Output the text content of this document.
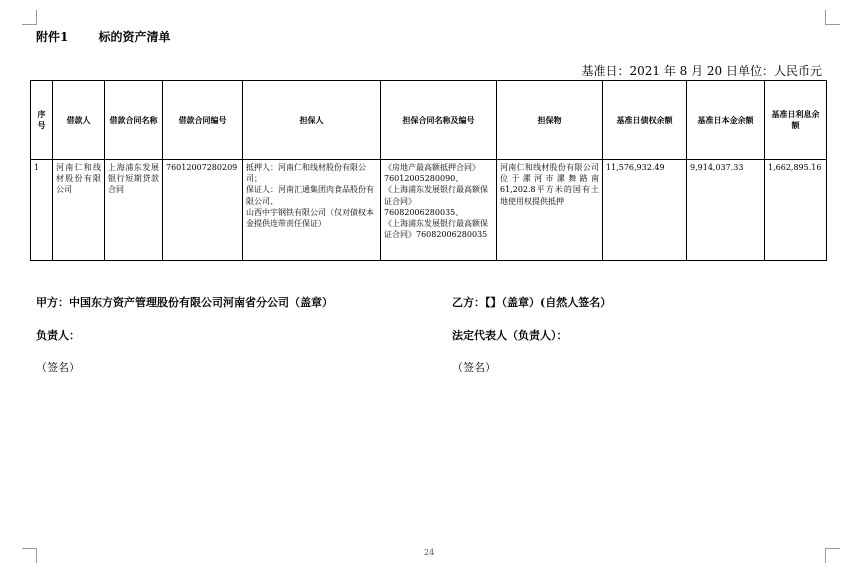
附件1	标的资产清单
基准日：2021 年 8 月 20 日单位：人民币元
序号	借款人	借款合同名称	借款合同编号	担保人	担保合同名称及编号	担保物	基准日债权余额	基准日本金余额	基准日利息余额
1	河南仁和线材股份有限公司	上海浦东发展银行短期贷款合同	76012007280209	抵押人：河南仁和线材股份有限公司；
保证人：河南汇通集团肉食品股份有限公司、
山西中宇钢铁有限公司（仅对债权本金提供连带责任保证）	《房地产最高额抵押合同》76012005280090、
《上海浦东发展银行最高额保证合同》76082006280035、
《上海浦东发展银行最高额保证合同》76082006280035	河南仁和线材股份有限公司位于漯河市漯舞路南61,202.8平方米的国有土地使用权提供抵押	11,576,932.49	9,914,037.33	1,662,895.16
甲方：中国东方资产管理股份有限公司河南省分公司（盖章）	乙方：【】（盖章）(自然人签名）
负责人：	法定代表人（负责人）：
（签名）	（签名）
24
